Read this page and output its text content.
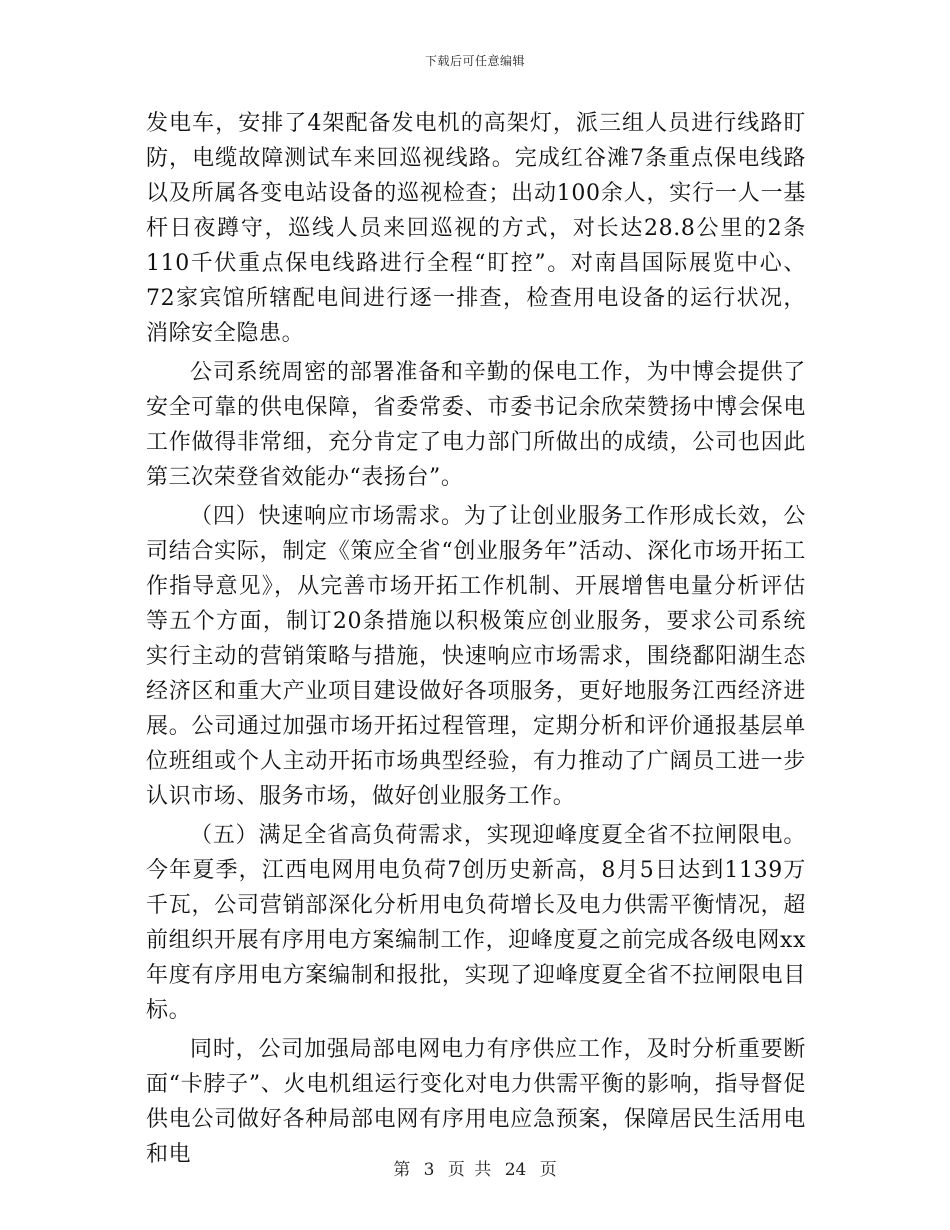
下载后可任意编辑

发电车，安排了4架配备发电机的高架灯，派三组人员进行线路盯防，电缆故障测试车来回巡视线路。完成红谷滩7条重点保电线路以及所属各变电站设备的巡视检查；出动100余人，实行一人一基杆日夜蹲守，巡线人员来回巡视的方式，对长达28.8公里的2条110千伏重点保电线路进行全程“盯控”。对南昌国际展览中心、72家宾馆所辖配电间进行逐一排查，检查用电设备的运行状况，消除安全隐患。

公司系统周密的部署准备和辛勤的保电工作，为中博会提供了安全可靠的供电保障，省委常委、市委书记余欣荣赞扬中博会保电工作做得非常细，充分肯定了电力部门所做出的成绩，公司也因此第三次荣登省效能办“表扬台”。

（四）快速响应市场需求。为了让创业服务工作形成长效，公司结合实际，制定《策应全省“创业服务年”活动、深化市场开拓工作指导意见》，从完善市场开拓工作机制、开展增售电量分析评估等五个方面，制订20条措施以积极策应创业服务，要求公司系统实行主动的营销策略与措施，快速响应市场需求，围绕鄱阳湖生态经济区和重大产业项目建设做好各项服务，更好地服务江西经济进展。公司通过加强市场开拓过程管理，定期分析和评价通报基层单位班组或个人主动开拓市场典型经验，有力推动了广阔员工进一步认识市场、服务市场，做好创业服务工作。

（五）满足全省高负荷需求，实现迎峰度夏全省不拉闸限电。今年夏季，江西电网用电负荷7创历史新高，8月5日达到1139万千瓦，公司营销部深化分析用电负荷增长及电力供需平衡情况，超前组织开展有序用电方案编制工作，迎峰度夏之前完成各级电网xx年度有序用电方案编制和报批，实现了迎峰度夏全省不拉闸限电目标。

同时，公司加强局部电网电力有序供应工作，及时分析重要断面“卡脖子”、火电机组运行变化对电力供需平衡的影响，指导督促供电公司做好各种局部电网有序用电应急预案，保障居民生活用电和电

第 3 页 共 24 页
